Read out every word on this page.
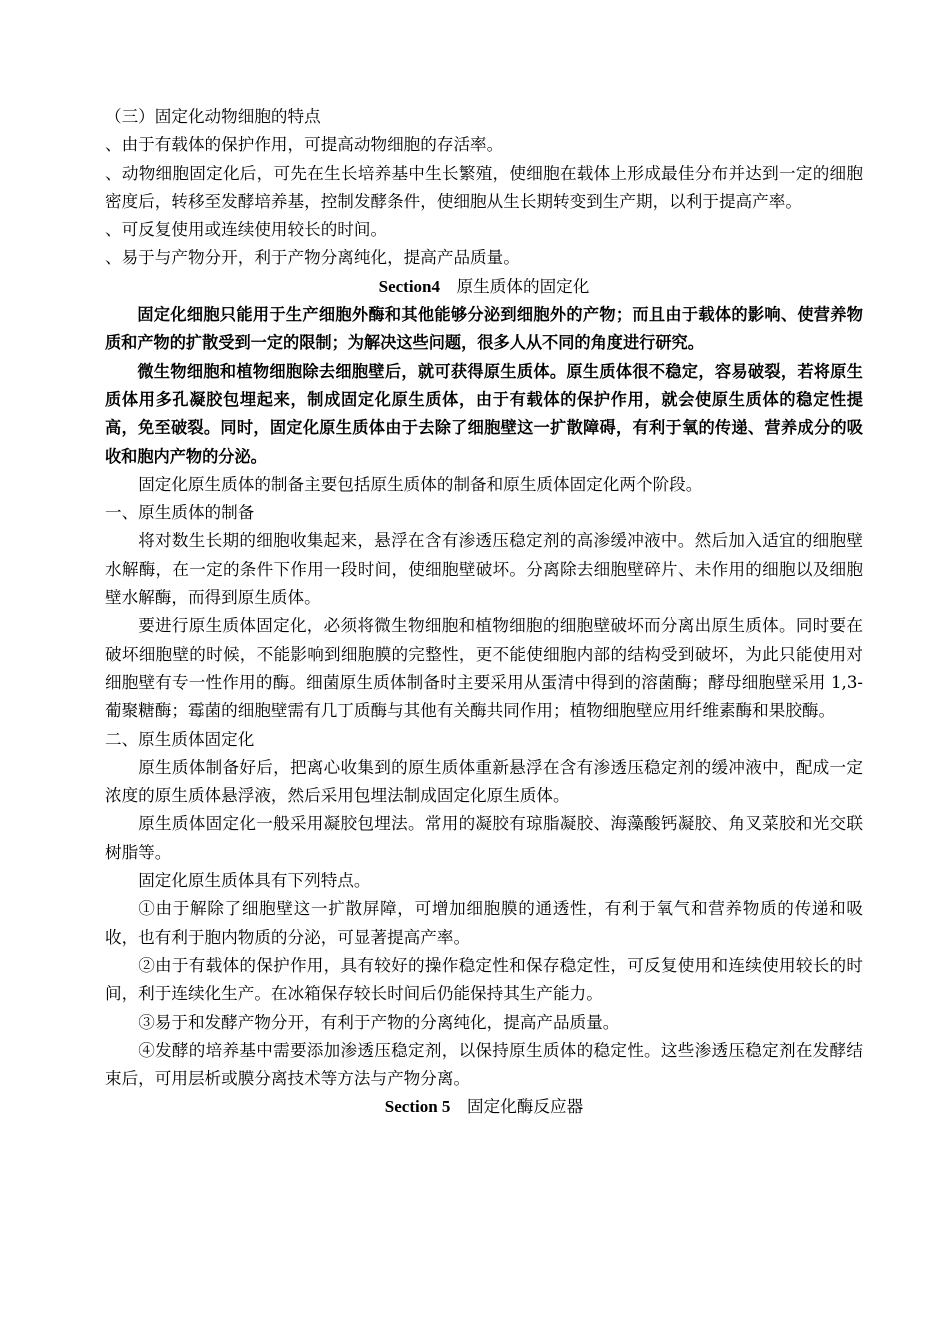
（三）固定化动物细胞的特点

、由于有载体的保护作用，可提高动物细胞的存活率。

、动物细胞固定化后，可先在生长培养基中生长繁殖，使细胞在载体上形成最佳分布并达到一定的细胞密度后，转移至发酵培养基，控制发酵条件，使细胞从生长期转变到生产期，以利于提高产率。

、可反复使用或连续使用较长的时间。

、易于与产物分开，利于产物分离纯化，提高产品质量。

Section4  原生质体的固定化

固定化细胞只能用于生产细胞外酶和其他能够分泌到细胞外的产物；而且由于载体的影响、使营养物质和产物的扩散受到一定的限制；为解决这些问题，很多人从不同的角度进行研究。

微生物细胞和植物细胞除去细胞壁后，就可获得原生质体。原生质体很不稳定，容易破裂，若将原生质体用多孔凝胶包埋起来，制成固定化原生质体，由于有载体的保护作用，就会使原生质体的稳定性提高，免至破裂。同时，固定化原生质体由于去除了细胞壁这一扩散障碍，有利于氧的传递、营养成分的吸收和胞内产物的分泌。

固定化原生质体的制备主要包括原生质体的制备和原生质体固定化两个阶段。

一、原生质体的制备

将对数生长期的细胞收集起来，悬浮在含有渗透压稳定剂的高渗缓冲液中。然后加入适宜的细胞壁水解酶，在一定的条件下作用一段时间，使细胞壁破坏。分离除去细胞壁碎片、未作用的细胞以及细胞壁水解酶，而得到原生质体。

要进行原生质体固定化，必须将微生物细胞和植物细胞的细胞壁破坏而分离出原生质体。同时要在破坏细胞壁的时候，不能影响到细胞膜的完整性，更不能使细胞内部的结构受到破坏，为此只能使用对细胞壁有专一性作用的酶。细菌原生质体制备时主要采用从蛋清中得到的溶菌酶；酵母细胞壁采用 1,3-葡聚糖酶；霉菌的细胞壁需有几丁质酶与其他有关酶共同作用；植物细胞壁应用纤维素酶和果胶酶。

二、原生质体固定化

原生质体制备好后，把离心收集到的原生质体重新悬浮在含有渗透压稳定剂的缓冲液中，配成一定浓度的原生质体悬浮液，然后采用包埋法制成固定化原生质体。

原生质体固定化一般采用凝胶包埋法。常用的凝胶有琼脂凝胶、海藻酸钙凝胶、角叉菜胶和光交联树脂等。

固定化原生质体具有下列特点。

①由于解除了细胞壁这一扩散屏障，可增加细胞膜的通透性，有利于氧气和营养物质的传递和吸收，也有利于胞内物质的分泌，可显著提高产率。

②由于有载体的保护作用，具有较好的操作稳定性和保存稳定性，可反复使用和连续使用较长的时间，利于连续化生产。在冰箱保存较长时间后仍能保持其生产能力。

③易于和发酵产物分开，有利于产物的分离纯化，提高产品质量。

④发酵的培养基中需要添加渗透压稳定剂，以保持原生质体的稳定性。这些渗透压稳定剂在发酵结束后，可用层析或膜分离技术等方法与产物分离。

Section 5  固定化酶反应器
